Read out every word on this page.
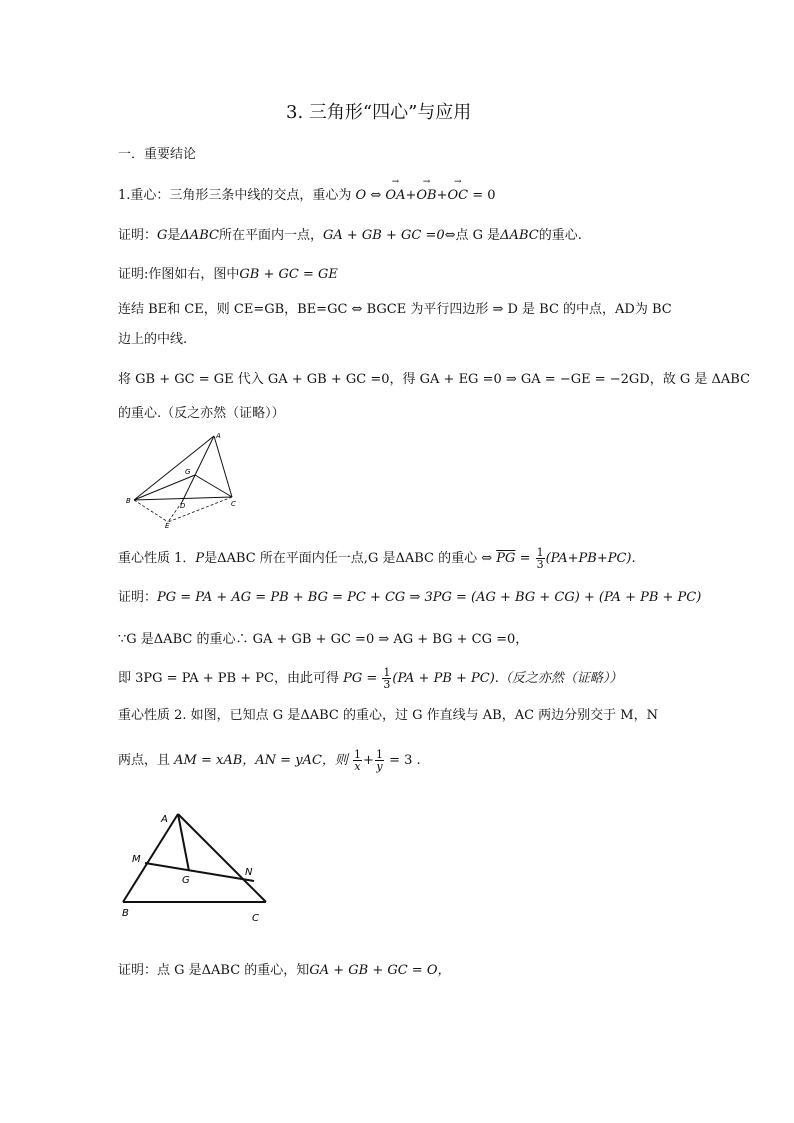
3. 三角形“四心”与应用
一．重要结论
1.重心：三角形三条中线的交点，重心为 O ⇔ → OA+→ OB+→ OC = 0
证明：G是ΔABC所在平面内一点，GA + GB + GC =0⇔点 G 是ΔABC的重心.
证明:作图如右，图中GB + GC = GE
连结 BE和 CE，则 CE=GB，BE=GC ⇔ BGCE 为平行四边形 ⇒ D 是 BC 的中点，AD为 BC
边上的中线.
将 GB + GC = GE 代入 GA + GB + GC =0，得 GA + EG =0 ⇒ GA = −GE = −2GD，故 G 是 ΔABC
的重心.（反之亦然（证略））
A
G
B
D	C
E
重心性质 1．P是ΔABC 所在平面内任一点,G 是ΔABC 的重心 ⇔ $\overline{PG} = \frac{1}{3} (PA+PB+PC)$.
证明：PG = PA + AG = PB + BG = PC + CG ⇒ 3PG = (AG + BG + CG) + (PA + PB + PC)
∵G 是ΔABC 的重心∴ GA + GB + GC =0 ⇒ AG + BG + CG =0，
即 3PG = PA + PB + PC，由此可得 PG = $\frac{1}{3} (PA$ + PB + PC).（反之亦然（证略））
重心性质 2. 如图，已知点 G 是ΔABC 的重心，过 G 作直线与 AB，AC 两边分别交于 M，N
两点，且 AM = xAB，AN = yAC，则 $\frac{1}{x} + \frac{1}{y} = 3$ .
A
M
G
N
B	C
证明：点 G 是ΔABC 的重心，知GA + GB + GC = O，
